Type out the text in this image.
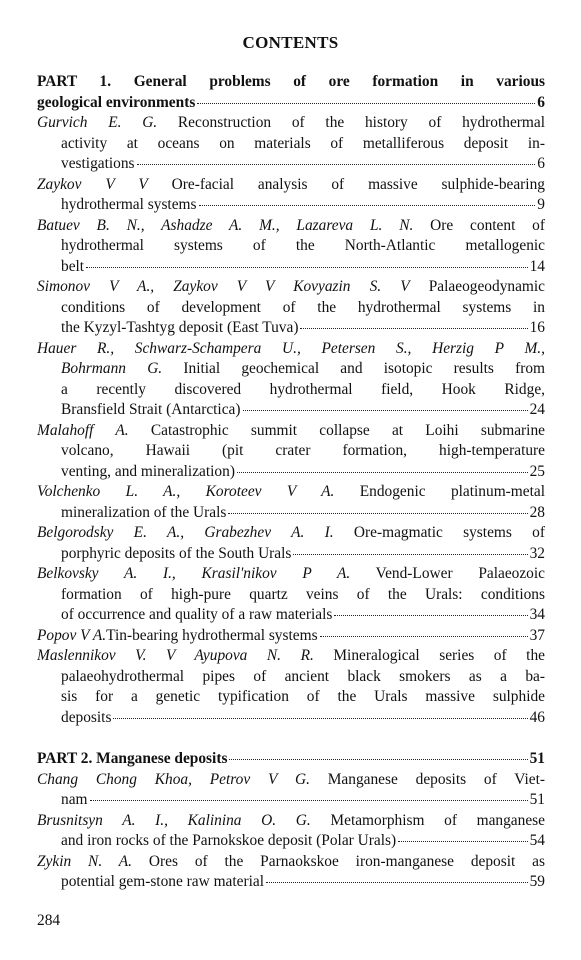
CONTENTS
PART 1. General problems of ore formation in various
geological environments	6
Gurvich E. G. Reconstruction of the history of hydrothermal
activity at oceans on materials of metalliferous deposit in-
vestigations	6
Zaykov V V Ore-facial analysis of massive sulphide-bearing
hydrothermal systems	9
Batuev B. N., Ashadze A. M., Lazareva L. N. Ore content of
hydrothermal systems of the North-Atlantic metallogenic
belt	14
Simonov V A., Zaykov V V Kovyazin S. V Palaeogeodynamic
conditions of development of the hydrothermal systems in
the Kyzyl-Tashtyg deposit (East Tuva)	16
Hauer R., Schwarz-Schampera U., Petersen S., Herzig P M.,
Bohrmann G. Initial geochemical and isotopic results from
a recently discovered hydrothermal field, Hook Ridge,
Bransfield Strait (Antarctica)	24
Malahoff A. Catastrophic summit collapse at Loihi submarine
volcano, Hawaii (pit crater formation, high-temperature
venting, and mineralization)	25
Volchenko L. A., Koroteev V A. Endogenic platinum-metal
mineralization of the Urals	28
Belgorodsky E. A., Grabezhev A. I. Ore-magmatic systems of
porphyric deposits of the South Urals	32
Belkovsky A. I., Krasil'nikov P A. Vend-Lower Palaeozoic
formation of high-pure quartz veins of the Urals: conditions
of occurrence and quality of a raw materials	34
Popov V A. Tin-bearing hydrothermal systems	37
Maslennikov V. V Ayupova N. R. Mineralogical series of the
palaeohydrothermal pipes of ancient black smokers as a ba-
sis for a genetic typification of the Urals massive sulphide
deposits	46
PART 2. Manganese deposits	51
Chang Chong Khoa, Petrov V G. Manganese deposits of Viet-
nam	51
Brusnitsyn A. I., Kalinina O. G. Metamorphism of manganese
and iron rocks of the Parnokskoe deposit (Polar Urals)	54
Zykin N. A. Ores of the Parnaokskoe iron-manganese deposit as
potential gem-stone raw material	59
284
